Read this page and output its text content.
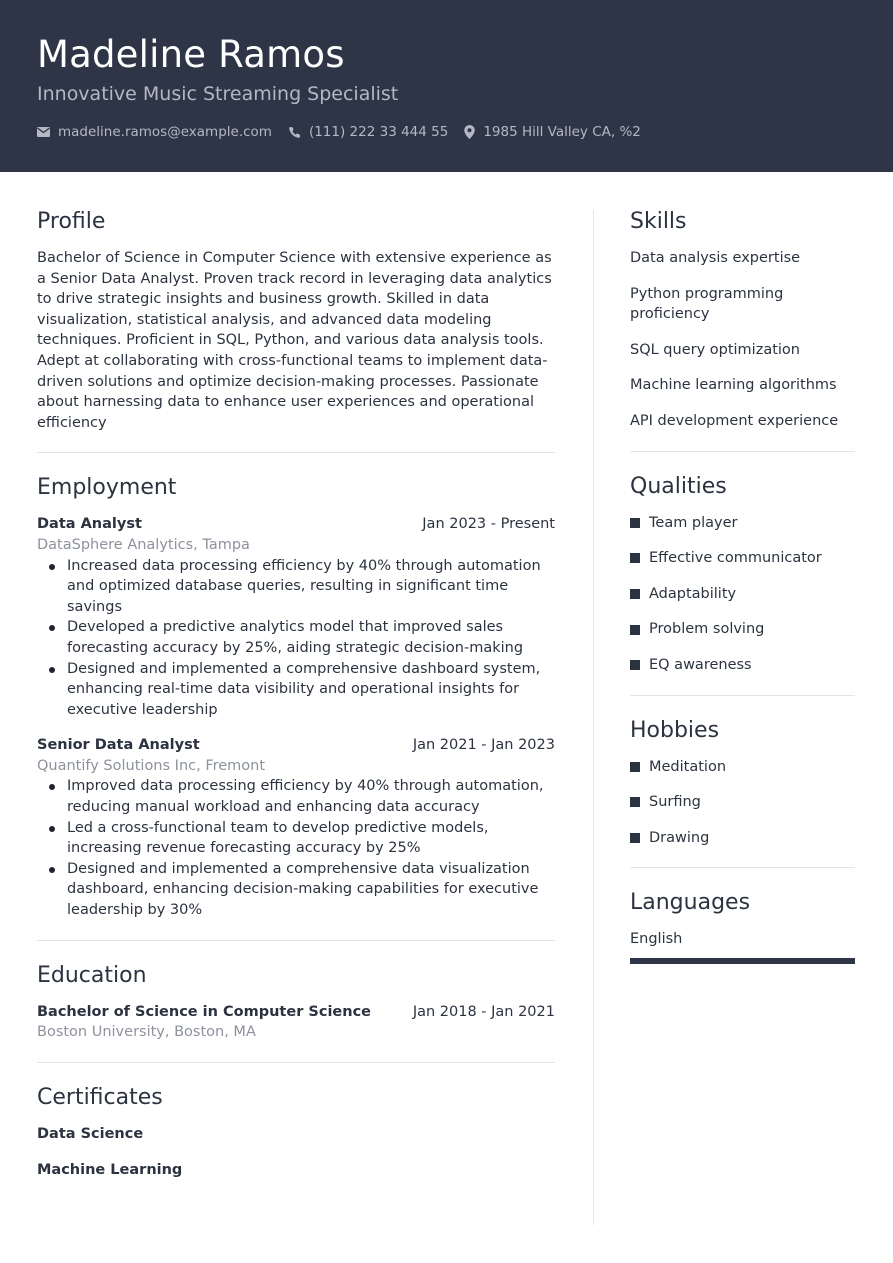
Madeline Ramos
Innovative Music Streaming Specialist
madeline.ramos@example.com	(111) 222 33 444 55	1985 Hill Valley CA, %2
Profile

Bachelor of Science in Computer Science with extensive experience as a Senior Data Analyst. Proven track record in leveraging data analytics to drive strategic insights and business growth. Skilled in data visualization, statistical analysis, and advanced data modeling techniques. Proficient in SQL, Python, and various data analysis tools. Adept at collaborating with cross-functional teams to implement data-driven solutions and optimize decision-making processes. Passionate about harnessing data to enhance user experiences and operational efficiency

Employment
Data Analyst	Jan 2023 - Present
DataSphere Analytics, Tampa
Increased data processing efficiency by 40% through automation and optimized database queries, resulting in significant time savings
Developed a predictive analytics model that improved sales forecasting accuracy by 25%, aiding strategic decision-making
Designed and implemented a comprehensive dashboard system, enhancing real-time data visibility and operational insights for executive leadership
Senior Data Analyst	Jan 2021 - Jan 2023
Quantify Solutions Inc, Fremont
Improved data processing efficiency by 40% through automation, reducing manual workload and enhancing data accuracy
Led a cross-functional team to develop predictive models, increasing revenue forecasting accuracy by 25%
Designed and implemented a comprehensive data visualization dashboard, enhancing decision-making capabilities for executive leadership by 30%
Education
Bachelor of Science in Computer Science	Jan 2018 - Jan 2021
Boston University, Boston, MA
Certificates
Data Science
Machine Learning
Skills
Data analysis expertise
Python programming proficiency
SQL query optimization
Machine learning algorithms
API development experience
Qualities
Team player
Effective communicator
Adaptability
Problem solving
EQ awareness
Hobbies
Meditation
Surfing
Drawing
Languages
English
